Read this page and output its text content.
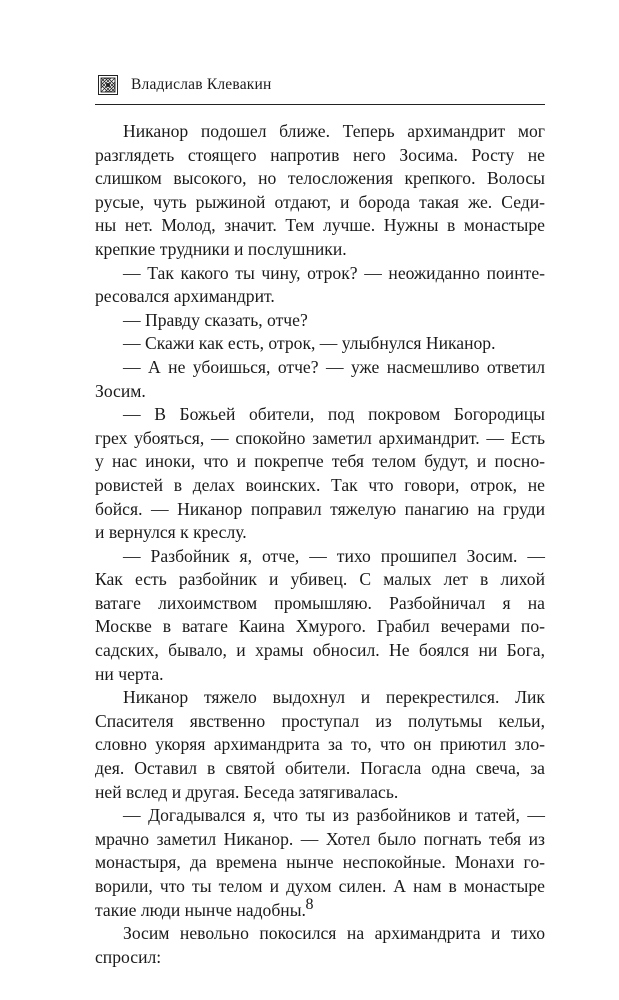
Владислав Клевакин
Никанор подошел ближе. Теперь архимандрит мог
разглядеть стоящего напротив него Зосима. Росту не
слишком высокого, но телосложения крепкого. Волосы
русые, чуть рыжиной отдают, и борода такая же. Седи-
ны нет. Молод, значит. Тем лучше. Нужны в монастыре
крепкие трудники и послушники.
— Так какого ты чину, отрок? — неожиданно поинте-
ресовался архимандрит.
— Правду сказать, отче?
— Скажи как есть, отрок, — улыбнулся Никанор.
— А не убоишься, отче? — уже насмешливо ответил
Зосим.
— В Божьей обители, под покровом Богородицы
грех убояться, — спокойно заметил архимандрит. — Есть
у нас иноки, что и покрепче тебя телом будут, и посно-
ровистей в делах воинских. Так что говори, отрок, не
бойся. — Никанор поправил тяжелую панагию на груди
и вернулся к креслу.
— Разбойник я, отче, — тихо прошипел Зосим. —
Как есть разбойник и убивец. С малых лет в лихой
ватаге лихоимством промышляю. Разбойничал я на
Москве в ватаге Каина Хмурого. Грабил вечерами по-
садских, бывало, и храмы обносил. Не боялся ни Бога,
ни черта.
Никанор тяжело выдохнул и перекрестился. Лик
Спасителя явственно проступал из полутьмы кельи,
словно укоряя архимандрита за то, что он приютил зло-
дея. Оставил в святой обители. Погасла одна свеча, за
ней вслед и другая. Беседа затягивалась.
— Догадывался я, что ты из разбойников и татей, —
мрачно заметил Никанор. — Хотел было погнать тебя из
монастыря, да времена нынче неспокойные. Монахи го-
ворили, что ты телом и духом силен. А нам в монастыре
такие люди нынче надобны.
Зосим невольно покосился на архимандрита и тихо
спросил:
8
